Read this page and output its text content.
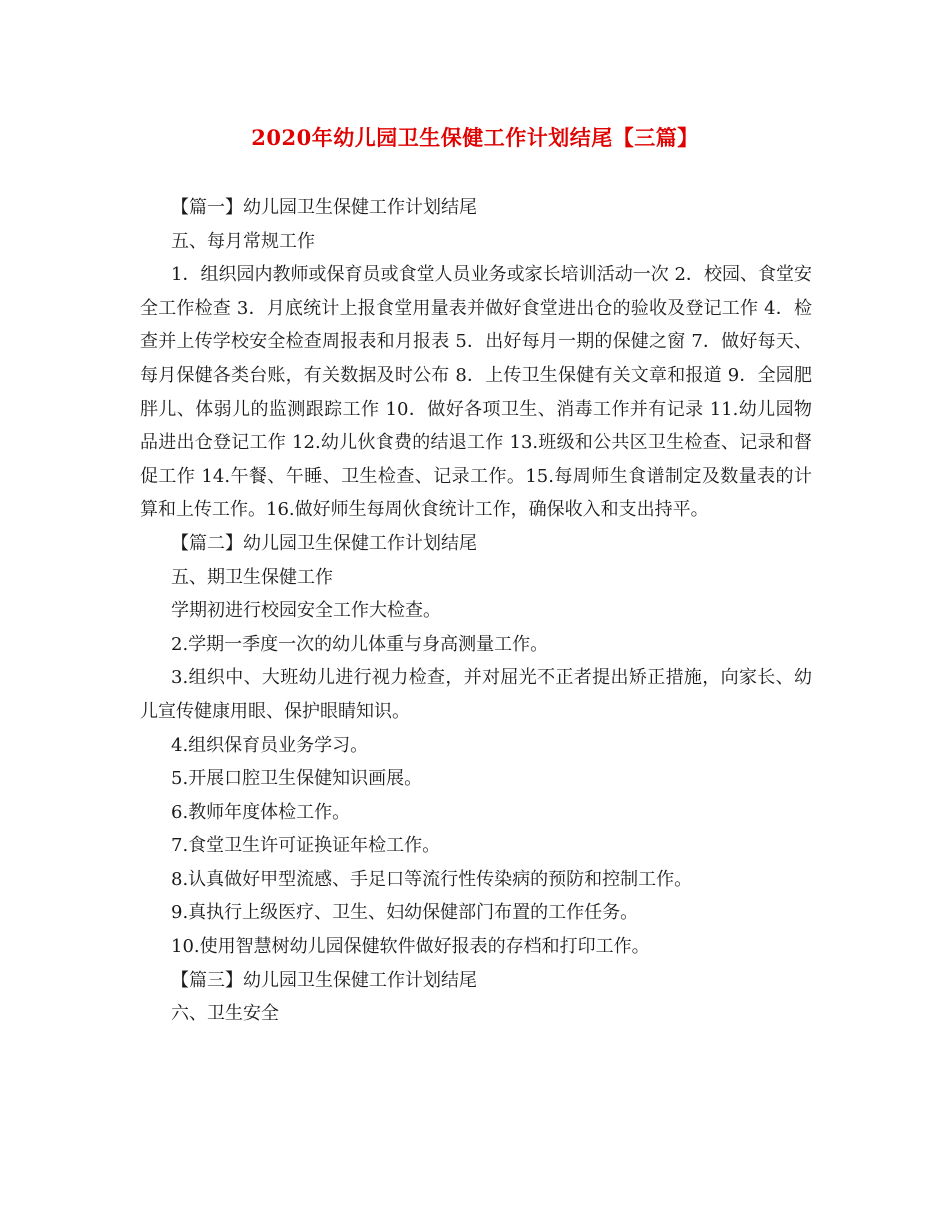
2020年幼儿园卫生保健工作计划结尾【三篇】

【篇一】幼儿园卫生保健工作计划结尾

五、每月常规工作

1．组织园内教师或保育员或食堂人员业务或家长培训活动一次 2．校园、食堂安全工作检查 3．月底统计上报食堂用量表并做好食堂进出仓的验收及登记工作 4．检查并上传学校安全检查周报表和月报表 5．出好每月一期的保健之窗 7．做好每天、每月保健各类台账，有关数据及时公布 8．上传卫生保健有关文章和报道 9．全园肥胖儿、体弱儿的监测跟踪工作 10．做好各项卫生、消毒工作并有记录 11.幼儿园物品进出仓登记工作 12.幼儿伙食费的结退工作 13.班级和公共区卫生检查、记录和督促工作 14.午餐、午睡、卫生检查、记录工作。15.每周师生食谱制定及数量表的计算和上传工作。16.做好师生每周伙食统计工作，确保收入和支出持平。

【篇二】幼儿园卫生保健工作计划结尾

五、期卫生保健工作

学期初进行校园安全工作大检查。

2.学期一季度一次的幼儿体重与身高测量工作。

3.组织中、大班幼儿进行视力检查，并对屈光不正者提出矫正措施，向家长、幼儿宣传健康用眼、保护眼睛知识。

4.组织保育员业务学习。

5.开展口腔卫生保健知识画展。

6.教师年度体检工作。

7.食堂卫生许可证换证年检工作。

8.认真做好甲型流感、手足口等流行性传染病的预防和控制工作。

9.真执行上级医疗、卫生、妇幼保健部门布置的工作任务。

10.使用智慧树幼儿园保健软件做好报表的存档和打印工作。

【篇三】幼儿园卫生保健工作计划结尾

六、卫生安全
